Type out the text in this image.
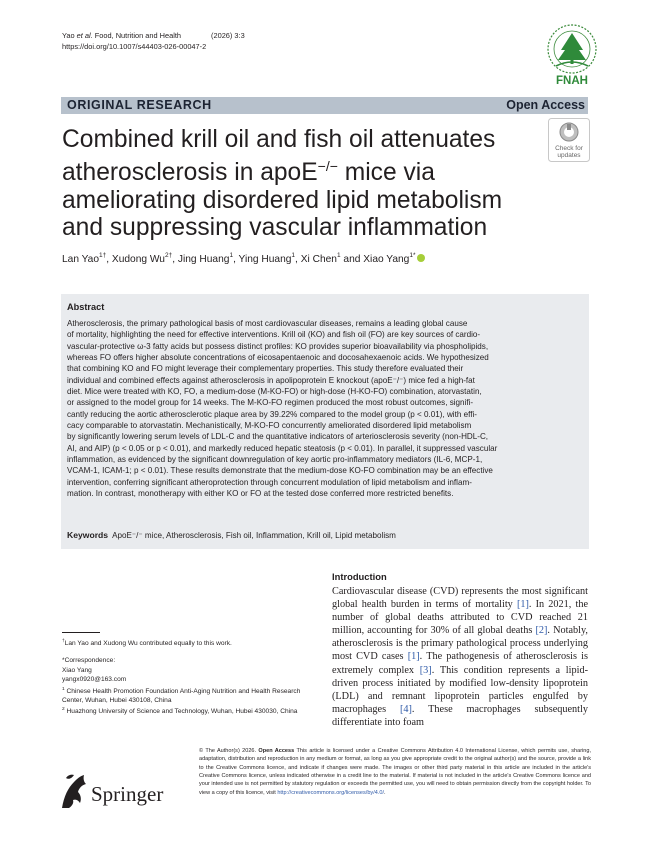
Yao et al. Food, Nutrition and Health	(2026) 3:3
https://doi.org/10.1007/s44403-026-00047-2
FNAH
ORIGINAL RESEARCH	Open Access
Combined krill oil and fish oil attenuates atherosclerosis in apoE−/− mice via ameliorating disordered lipid metabolism and suppressing vascular inflammation
Check for
updates
Lan Yao$^{1\dagger}$, Xudong $Wu^{2\dagger}$, Jing Huang$^1$, Ying Huang$^1$, Xi Chen$^1$ and Xiao Yang$^{1*}$
Abstract
Atherosclerosis, the primary pathological basis of most cardiovascular diseases, remains a leading global cause
of mortality, highlighting the need for effective interventions. Krill oil (KO) and fish oil (FO) are key sources of cardio-
vascular-protective ω-3 fatty acids but possess distinct profiles: KO provides superior bioavailability via phospholipids,
whereas FO offers higher absolute concentrations of eicosapentaenoic and docosahexaenoic acids. We hypothesized
that combining KO and FO might leverage their complementary properties. This study therefore evaluated their
individual and combined effects against atherosclerosis in apolipoprotein E knockout (apoE⁻/⁻) mice fed a high-fat
diet. Mice were treated with KO, FO, a medium-dose (M-KO-FO) or high-dose (H-KO-FO) combination, atorvastatin,
or assigned to the model group for 14 weeks. The M-KO-FO regimen produced the most robust outcomes, signifi-
cantly reducing the aortic atherosclerotic plaque area by 39.22% compared to the model group (p < 0.01), with effi-
cacy comparable to atorvastatin. Mechanistically, M-KO-FO concurrently ameliorated disordered lipid metabolism
by significantly lowering serum levels of LDL-C and the quantitative indicators of arteriosclerosis severity (non-HDL-C,
AI, and AIP) (p < 0.05 or p < 0.01), and markedly reduced hepatic steatosis (p < 0.01). In parallel, it suppressed vascular
inflammation, as evidenced by the significant downregulation of key aortic pro-inflammatory mediators (IL-6, MCP-1,
VCAM-1, ICAM-1; p < 0.01). These results demonstrate that the medium-dose KO-FO combination may be an effective
intervention, conferring significant atheroprotection through concurrent modulation of lipid metabolism and inflam-
mation. In contrast, monotherapy with either KO or FO at the tested dose conferred more restricted benefits.
Keywords ApoE⁻/⁻ mice, Atherosclerosis, Fish oil, Inflammation, Krill oil, Lipid metabolism
Introduction
Cardiovascular disease (CVD) represents the most significant global health burden in terms of mortality [1]. In 2021, the number of global deaths attributed to CVD reached 21 million, accounting for 30% of all global deaths [2]. Notably, atherosclerosis is the primary pathological process underlying most CVD cases [1]. The pathogenesis of atherosclerosis is extremely complex [3]. This condition represents a lipid-driven process initiated by modified low-density lipoprotein (LDL) and remnant lipoprotein particles engulfed by macrophages [4]. These macrophages subsequently differentiate into foam
†Lan Yao and Xudong Wu contributed equally to this work.
*Correspondence:
Xiao Yang
yangx0920@163.com
$^1$ Chinese Health Promotion Foundation Anti-Aging Nutrition and Health Research Center, Wuhan, Hubei 430108, China
$^2$ Huazhong University of Science and Technology, Wuhan, Hubei 430030, China
Springer
© The Author(s) 2026. Open Access This article is licensed under a Creative Commons Attribution 4.0 International License, which permits use, sharing, adaptation, distribution and reproduction in any medium or format, as long as you give appropriate credit to the original author(s) and the source, provide a link to the Creative Commons licence, and indicate if changes were made. The images or other third party material in this article are included in the article's Creative Commons licence, unless indicated otherwise in a credit line to the material. If material is not included in the article's Creative Commons licence and your intended use is not permitted by statutory regulation or exceeds the permitted use, you will need to obtain permission directly from the copyright holder. To view a copy of this licence, visit http://creativecommons.org/licenses/by/4.0/.
